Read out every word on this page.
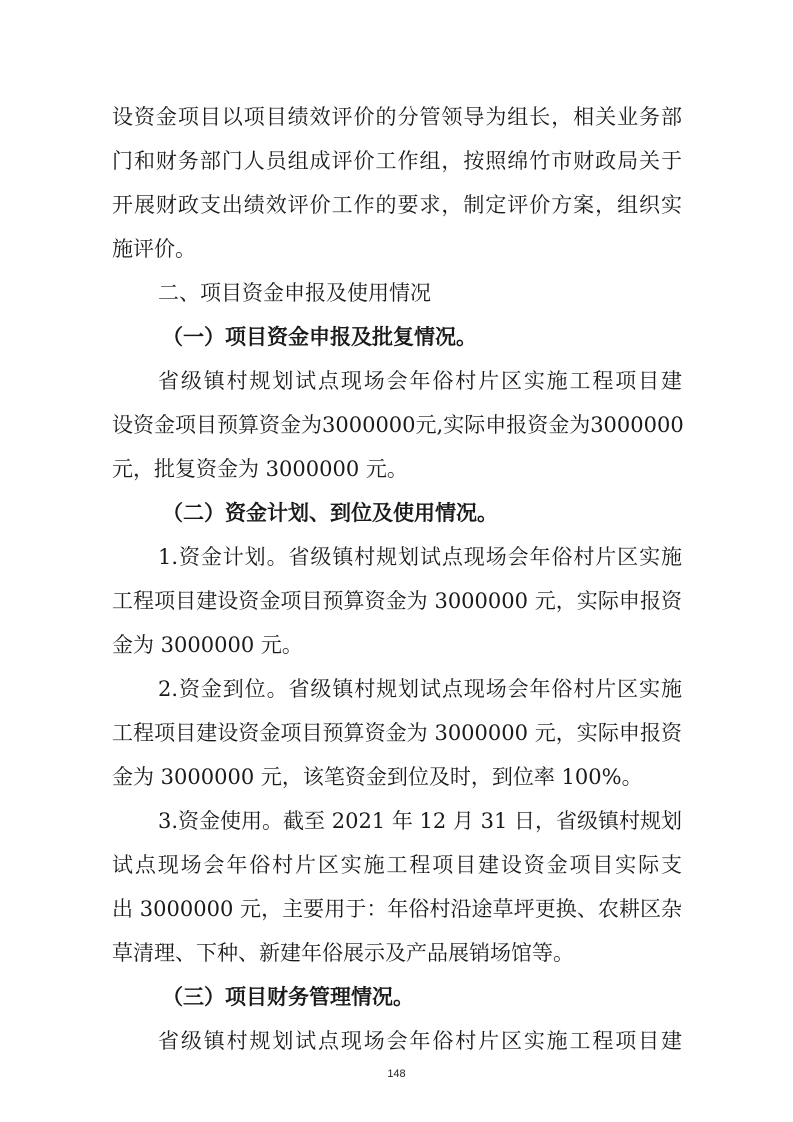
设资金项目以项目绩效评价的分管领导为组长，相关业务部
门和财务部门人员组成评价工作组，按照绵竹市财政局关于
开展财政支出绩效评价工作的要求，制定评价方案，组织实
施评价。
二、项目资金申报及使用情况
（一）项目资金申报及批复情况。
省级镇村规划试点现场会年俗村片区实施工程项目建
设资金项目预算资金为3000000元,实际申报资金为3000000
元，批复资金为 3000000 元。
（二）资金计划、到位及使用情况。
1.资金计划。省级镇村规划试点现场会年俗村片区实施
工程项目建设资金项目预算资金为 3000000 元，实际申报资
金为 3000000 元。
2.资金到位。省级镇村规划试点现场会年俗村片区实施
工程项目建设资金项目预算资金为 3000000 元，实际申报资
金为 3000000 元，该笔资金到位及时，到位率 100%。
3.资金使用。截至 2021 年 12 月 31 日，省级镇村规划
试点现场会年俗村片区实施工程项目建设资金项目实际支
出 3000000 元，主要用于：年俗村沿途草坪更换、农耕区杂
草清理、下种、新建年俗展示及产品展销场馆等。
（三）项目财务管理情况。
省级镇村规划试点现场会年俗村片区实施工程项目建
148
